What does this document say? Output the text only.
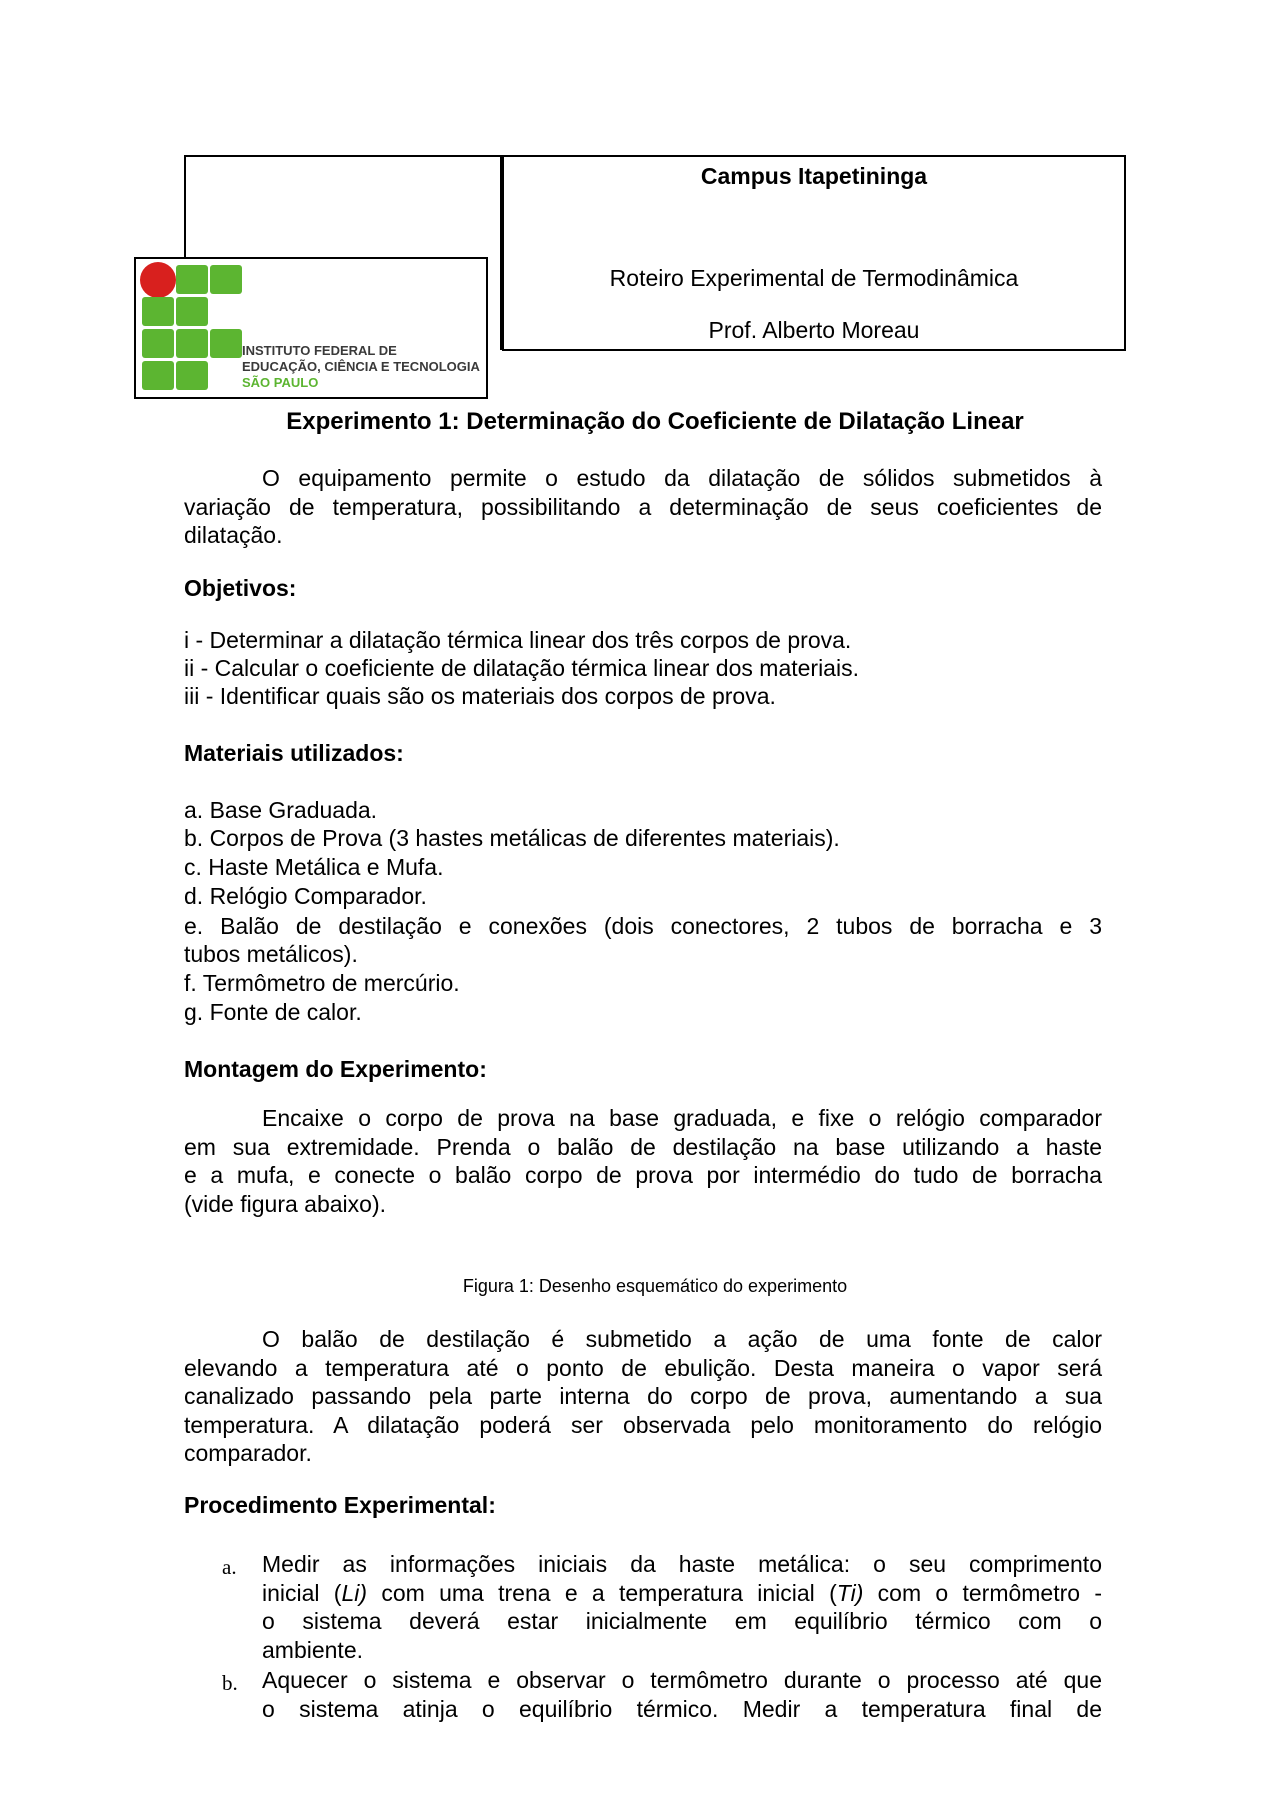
Campus Itapetininga
Roteiro Experimental de Termodinâmica
Prof. Alberto Moreau
INSTITUTO FEDERAL DE
EDUCAÇÃO, CIÊNCIA E TECNOLOGIA
SÃO PAULO
Experimento 1: Determinação do Coeficiente de Dilatação Linear
O equipamento permite o estudo da dilatação de sólidos submetidos à
variação de temperatura, possibilitando a determinação de seus coeficientes de
dilatação.
Objetivos:
i - Determinar a dilatação térmica linear dos três corpos de prova.
ii - Calcular o coeficiente de dilatação térmica linear dos materiais.
iii - Identificar quais são os materiais dos corpos de prova.
Materiais utilizados:
a. Base Graduada.
b. Corpos de Prova (3 hastes metálicas de diferentes materiais).
c. Haste Metálica e Mufa.
d. Relógio Comparador.
e. Balão de destilação e conexões (dois conectores, 2 tubos de borracha e 3
tubos metálicos).
f. Termômetro de mercúrio.
g. Fonte de calor.
Montagem do Experimento:
Encaixe o corpo de prova na base graduada, e fixe o relógio comparador
em sua extremidade. Prenda o balão de destilação na base utilizando a haste
e a mufa, e conecte o balão corpo de prova por intermédio do tudo de borracha
(vide figura abaixo).
Figura 1: Desenho esquemático do experimento
O balão de destilação é submetido a ação de uma fonte de calor
elevando a temperatura até o ponto de ebulição. Desta maneira o vapor será
canalizado passando pela parte interna do corpo de prova, aumentando a sua
temperatura. A dilatação poderá ser observada pelo monitoramento do relógio
comparador.
Procedimento Experimental:
a. Medir as informações iniciais da haste metálica: o seu comprimento
inicial (Li) com uma trena e a temperatura inicial (Ti) com o termômetro -
o sistema deverá estar inicialmente em equilíbrio térmico com o
ambiente.
b. Aquecer o sistema e observar o termômetro durante o processo até que
o sistema atinja o equilíbrio térmico. Medir a temperatura final de
